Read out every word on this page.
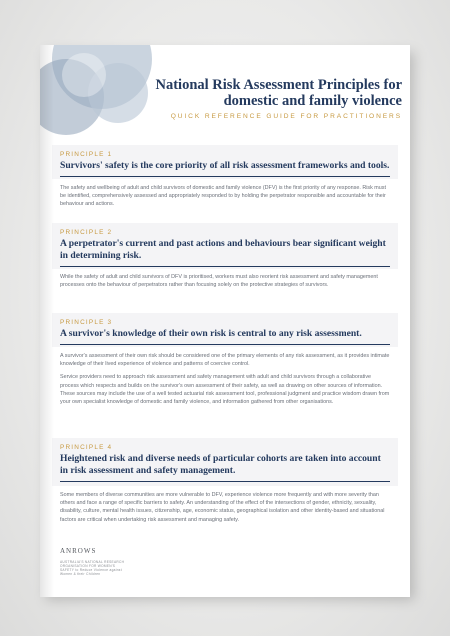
National Risk Assessment Principles for domestic and family violence
QUICK REFERENCE GUIDE FOR PRACTITIONERS
PRINCIPLE 1
Survivors' safety is the core priority of all risk assessment frameworks and tools.

The safety and wellbeing of adult and child survivors of domestic and family violence (DFV) is the first priority of any response. Risk must be identified, comprehensively assessed and appropriately responded to by holding the perpetrator responsible and accountable for their behaviour and actions.

PRINCIPLE 2
A perpetrator's current and past actions and behaviours bear significant weight in determining risk.

While the safety of adult and child survivors of DFV is prioritised, workers must also reorient risk assessment and safety management processes onto the behaviour of perpetrators rather than focusing solely on the protective strategies of survivors.

PRINCIPLE 3
A survivor's knowledge of their own risk is central to any risk assessment.

A survivor's assessment of their own risk should be considered one of the primary elements of any risk assessment, as it provides intimate knowledge of their lived experience of violence and patterns of coercive control.

Service providers need to approach risk assessment and safety management with adult and child survivors through a collaborative process which respects and builds on the survivor's own assessment of their safety, as well as drawing on other sources of information. These sources may include the use of a well tested actuarial risk assessment tool, professional judgment and practice wisdom drawn from your own specialist knowledge of domestic and family violence, and information gathered from other organisations.

PRINCIPLE 4
Heightened risk and diverse needs of particular cohorts are taken into account in risk assessment and safety management.

Some members of diverse communities are more vulnerable to DFV, experience violence more frequently and with more severity than others and face a range of specific barriers to safety. An understanding of the effect of the intersections of gender, ethnicity, sexuality, disability, culture, mental health issues, citizenship, age, economic status, geographical isolation and other identity-based and situational factors are critical when undertaking risk assessment and managing safety.

ANROWS
AUSTRALIA'S NATIONAL RESEARCH ORGANISATION FOR WOMEN'S SAFETY to Reduce Violence against Women & their Children
